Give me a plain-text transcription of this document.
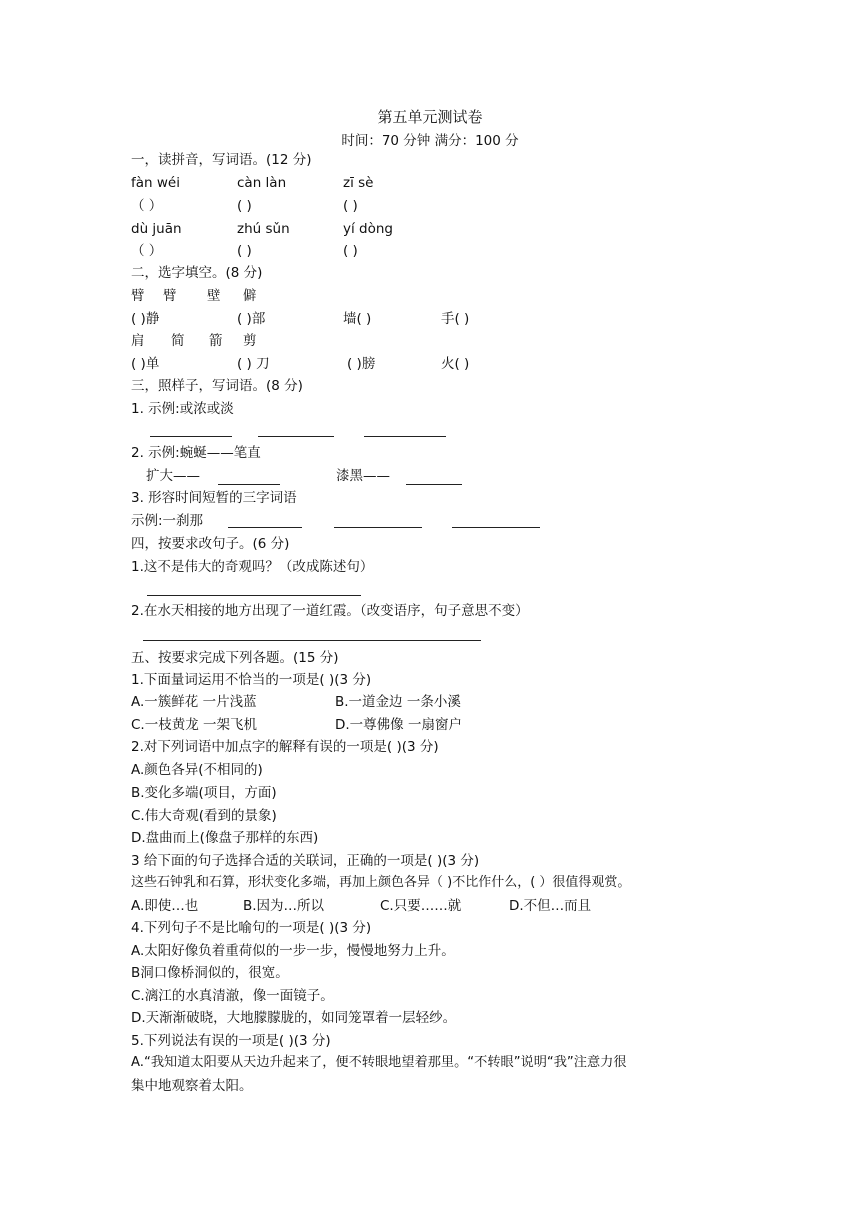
第五单元测试卷
时间：70 分钟 满分：100 分
一，读拼音，写词语。(12 分)
fàn wéi	càn làn	zī sè
（ ）	( )	( )
dù juān	zhú sǔn	yí dòng
（ ）	( )	( )
二，选字填空。(8 分)
臂 臂 壁 僻
( )静	( )部	墙( )	手( )
肩 简 箭 剪
( )单	( ) 刀	( )膀	火( )
三，照样子，写词语。(8 分)
1. 示例:或浓或淡
2. 示例:蜿蜒——笔直
扩大——	漆黑——
3. 形容时间短暂的三字词语
示例:一刹那
四，按要求改句子。(6 分)
1.这不是伟大的奇观吗？（改成陈述句）
2.在水天相接的地方出现了一道红霞。（改变语序，句子意思不变）
五、按要求完成下列各题。(15 分)
1.下面量词运用不恰当的一项是( )(3 分)
A.一簇鲜花 一片浅蓝	B.一道金边 一条小溪
C.一枝黄龙 一架飞机	D.一尊佛像 一扇窗户
2.对下列词语中加点字的解释有误的一项是( )(3 分)
A.颜色各异(不相同的)
B.变化多端(项目，方面)
C.伟大奇观(看到的景象)
D.盘曲而上(像盘子那样的东西)
3 给下面的句子选择合适的关联词，正确的一项是( )(3 分)
这些石钟乳和石算，形状变化多端，再加上颜色各异（ )不比作什么，( ）很值得观赏。
A.即使…也	B.因为…所以	C.只要……就	D.不但…而且
4.下列句子不是比喻句的一项是( )(3 分)
A.太阳好像负着重荷似的一步一步，慢慢地努力上升。
B洞口像桥洞似的，很宽。
C.漓江的水真清澈，像一面镜子。
D.天渐渐破晓，大地朦朦胧的，如同笼罩着一层轻纱。
5.下列说法有误的一项是( )(3 分)
A.“我知道太阳要从天边升起来了，便不转眼地望着那里。“不转眼”说明“我”注意力很
集中地观察着太阳。
